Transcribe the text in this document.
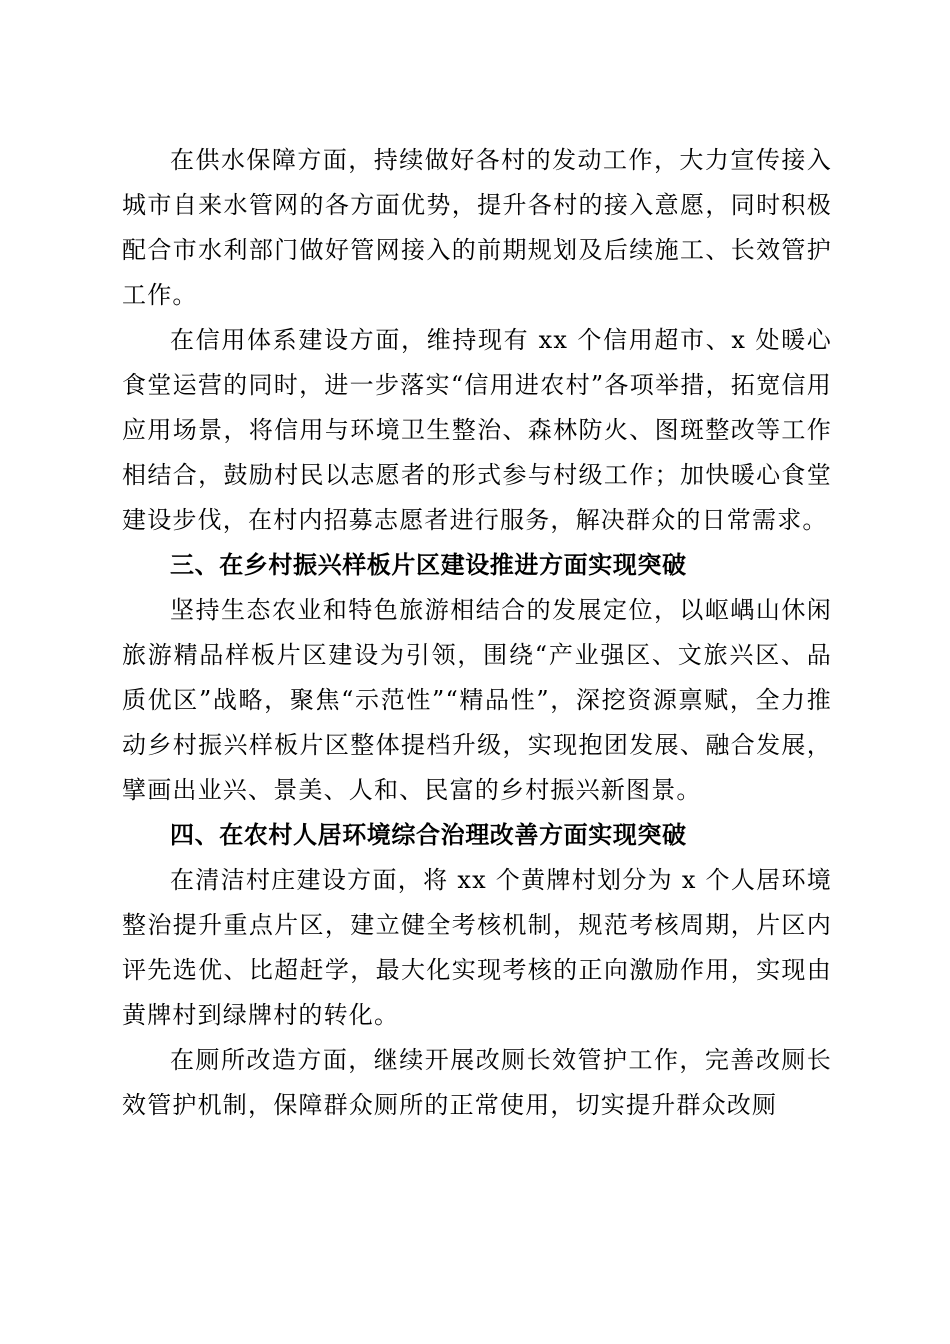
在供水保障方面，持续做好各村的发动工作，大力宣传接入城市自来水管网的各方面优势，提升各村的接入意愿，同时积极配合市水利部门做好管网接入的前期规划及后续施工、长效管护工作。

在信用体系建设方面，维持现有 xx 个信用超市、x 处暖心食堂运营的同时，进一步落实“信用进农村”各项举措，拓宽信用应用场景，将信用与环境卫生整治、森林防火、图斑整改等工作相结合，鼓励村民以志愿者的形式参与村级工作；加快暖心食堂建设步伐，在村内招募志愿者进行服务，解决群众的日常需求。

三、在乡村振兴样板片区建设推进方面实现突破

坚持生态农业和特色旅游相结合的发展定位，以岖嵎山休闲旅游精品样板片区建设为引领，围绕“产业强区、文旅兴区、品质优区”战略，聚焦“示范性”“精品性”，深挖资源禀赋，全力推动乡村振兴样板片区整体提档升级，实现抱团发展、融合发展，擘画出业兴、景美、人和、民富的乡村振兴新图景。

四、在农村人居环境综合治理改善方面实现突破

在清洁村庄建设方面，将 xx 个黄牌村划分为 x 个人居环境整治提升重点片区，建立健全考核机制，规范考核周期，片区内评先选优、比超赶学，最大化实现考核的正向激励作用，实现由黄牌村到绿牌村的转化。

在厕所改造方面，继续开展改厕长效管护工作，完善改厕长效管护机制，保障群众厕所的正常使用，切实提升群众改厕
